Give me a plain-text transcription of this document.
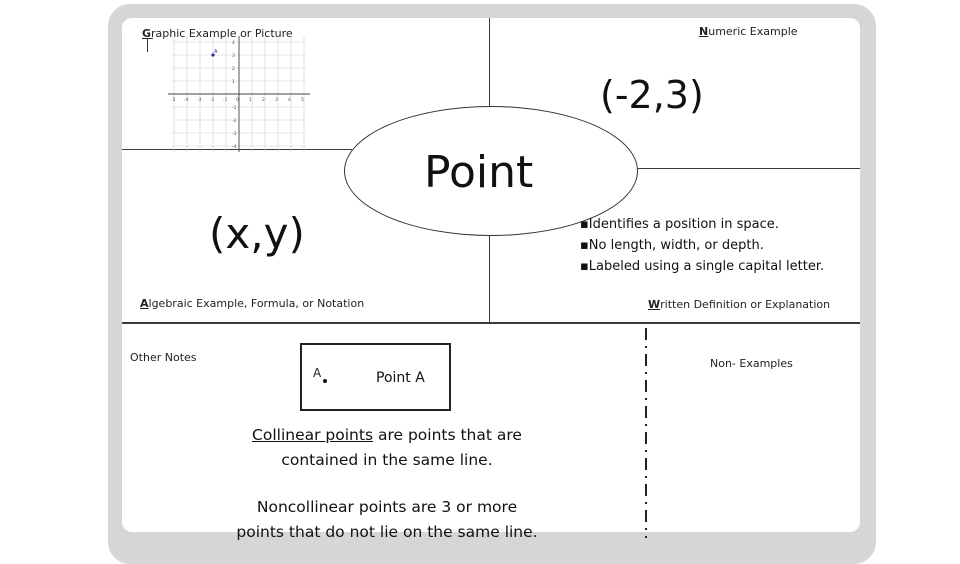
Graphic Example or Picture	Numeric Example
Algebraic Example, Formula, or Notation	Written Definition or Explanation
-5 -4 -3 -2 -1 0 1 2 3 4 5
4
3
2
1
-1
-2
-3
-4
A
(-2,3)
Point
(x,y)	▪Identifies a position in space.
▪No length, width, or depth.
▪Labeled using a single capital letter.
Other Notes
A	Point A
Collinear points are points that are
contained in the same line.
Noncollinear points are 3 or more
points that do not lie on the same line.
Non- Examples
